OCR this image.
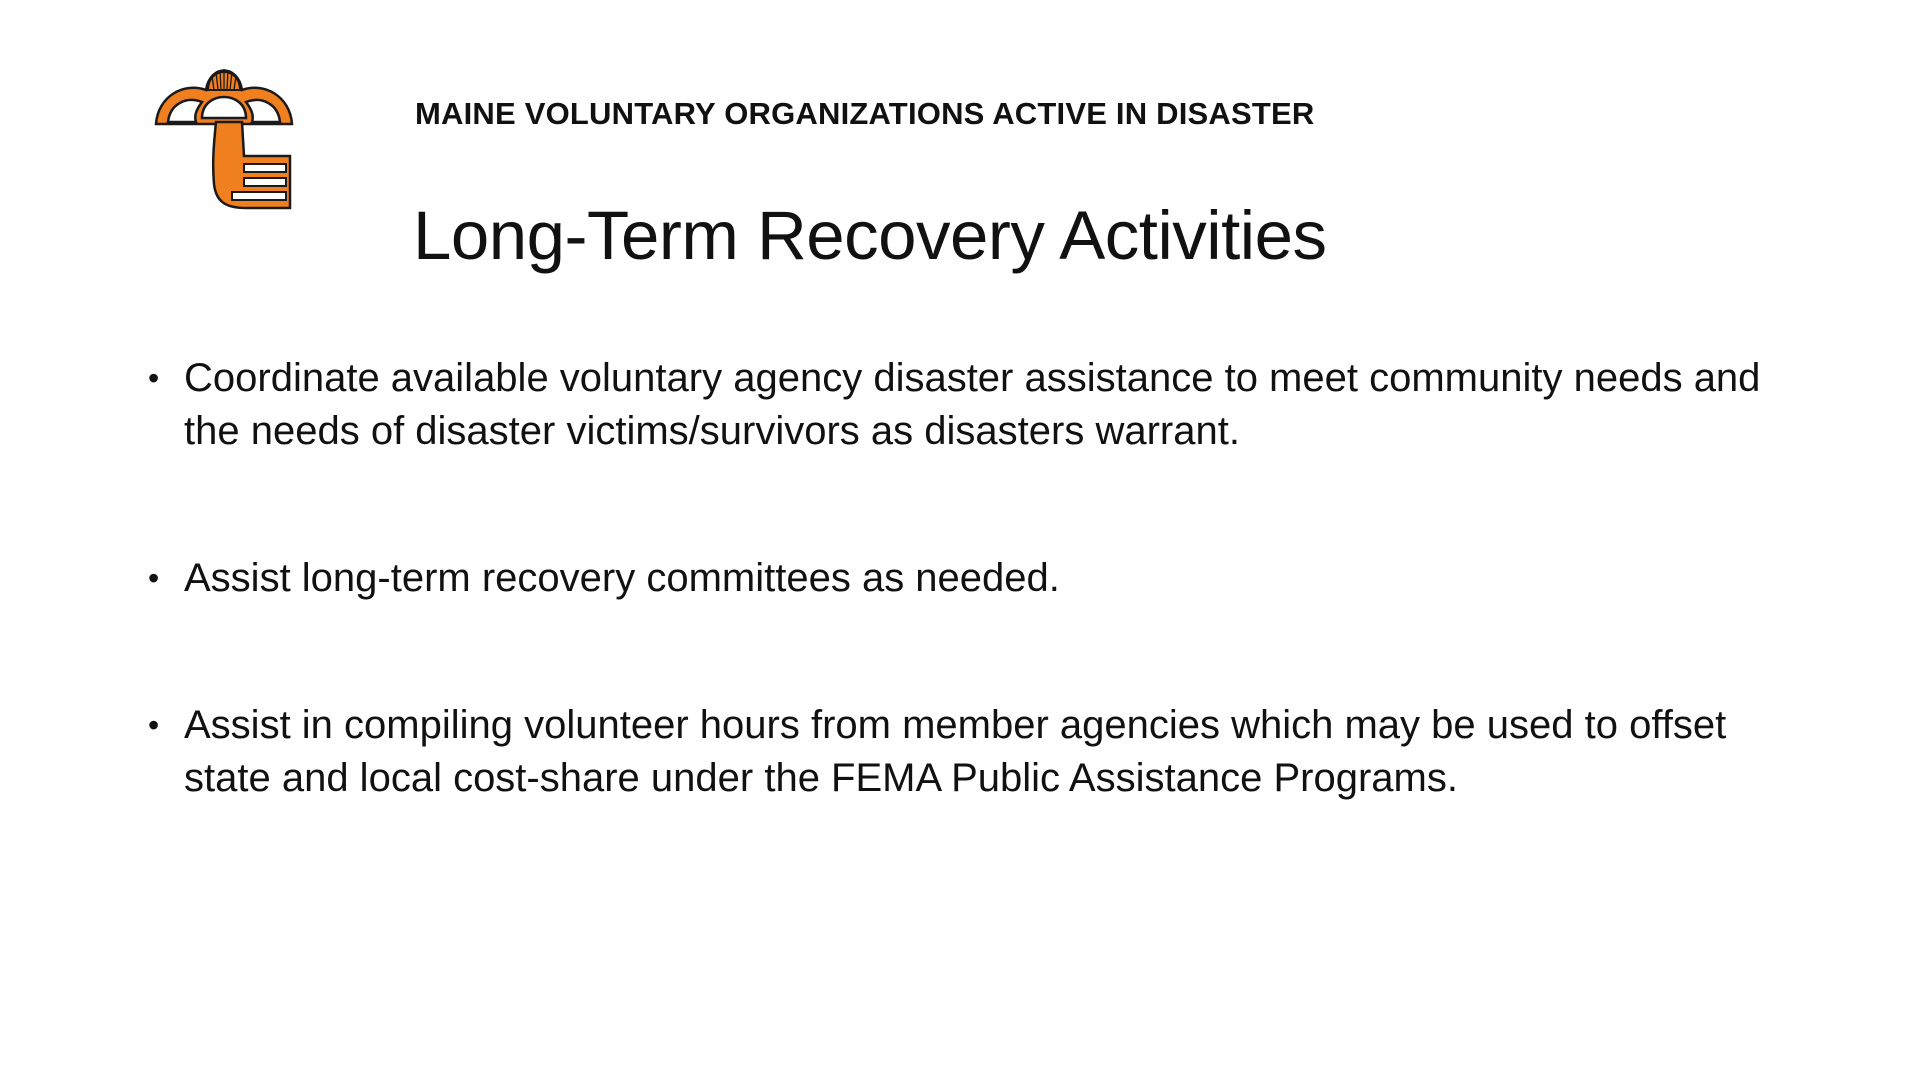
MAINE VOLUNTARY ORGANIZATIONS ACTIVE IN DISASTER
Long-Term Recovery Activities
• Coordinate available voluntary agency disaster assistance to meet community needs and the needs of disaster victims/survivors as disasters warrant.
• Assist long-term recovery committees as needed.
• Assist in compiling volunteer hours from member agencies which may be used to offset state and local cost-share under the FEMA Public Assistance Programs.
